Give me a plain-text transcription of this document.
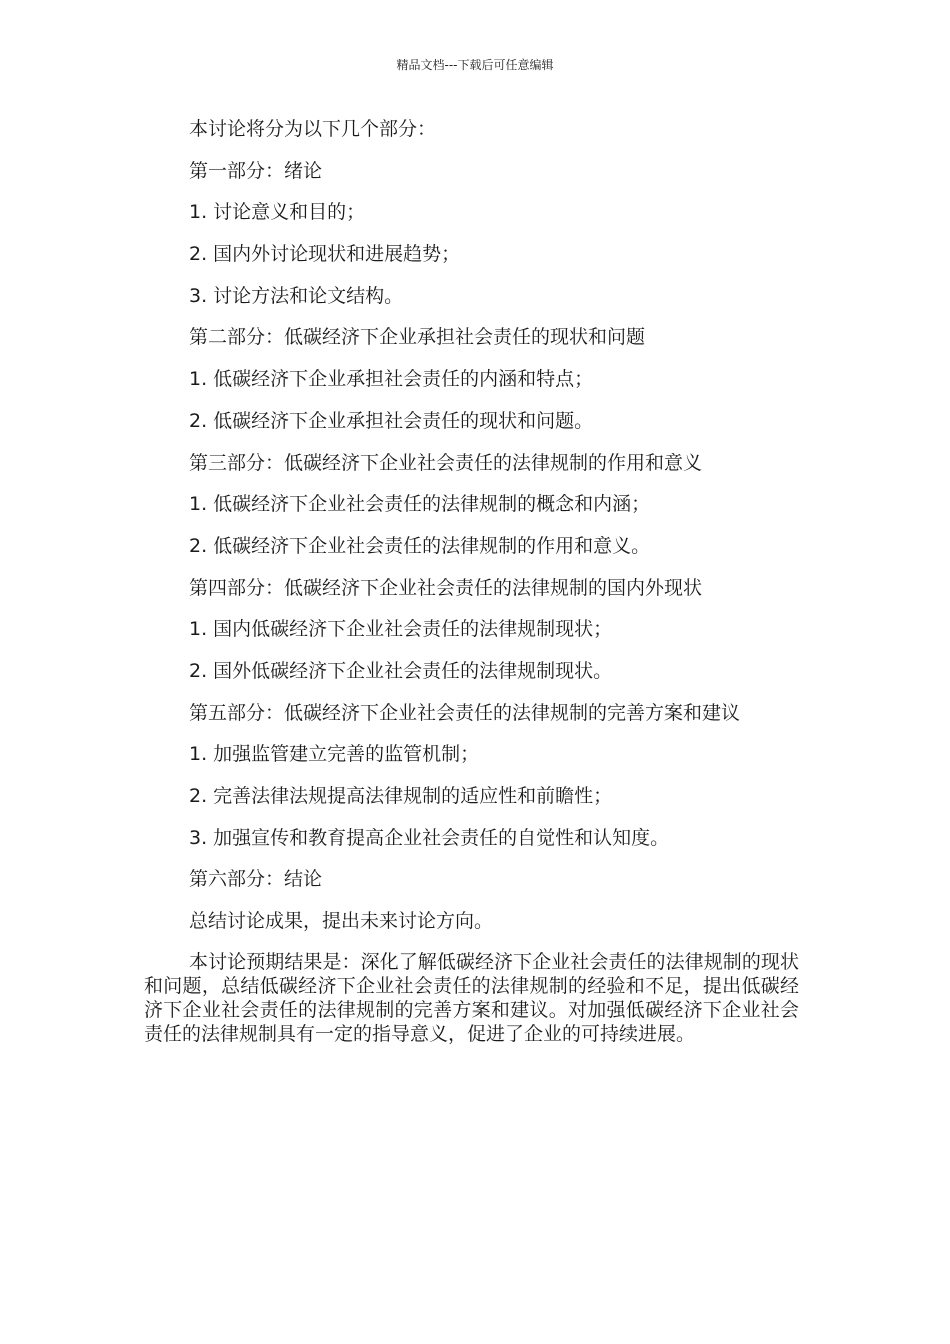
精品文档---下载后可任意编辑
本讨论将分为以下几个部分：
第一部分：绪论
1. 讨论意义和目的；
2. 国内外讨论现状和进展趋势；
3. 讨论方法和论文结构。
第二部分：低碳经济下企业承担社会责任的现状和问题
1. 低碳经济下企业承担社会责任的内涵和特点；
2. 低碳经济下企业承担社会责任的现状和问题。
第三部分：低碳经济下企业社会责任的法律规制的作用和意义
1. 低碳经济下企业社会责任的法律规制的概念和内涵；
2. 低碳经济下企业社会责任的法律规制的作用和意义。
第四部分：低碳经济下企业社会责任的法律规制的国内外现状
1. 国内低碳经济下企业社会责任的法律规制现状；
2. 国外低碳经济下企业社会责任的法律规制现状。
第五部分：低碳经济下企业社会责任的法律规制的完善方案和建议
1. 加强监管建立完善的监管机制；
2. 完善法律法规提高法律规制的适应性和前瞻性；
3. 加强宣传和教育提高企业社会责任的自觉性和认知度。
第六部分：结论
总结讨论成果，提出未来讨论方向。
本讨论预期结果是：深化了解低碳经济下企业社会责任的法律规制的现状和问题，总结低碳经济下企业社会责任的法律规制的经验和不足，提出低碳经济下企业社会责任的法律规制的完善方案和建议。对加强低碳经济下企业社会责任的法律规制具有一定的指导意义，促进了企业的可持续进展。
